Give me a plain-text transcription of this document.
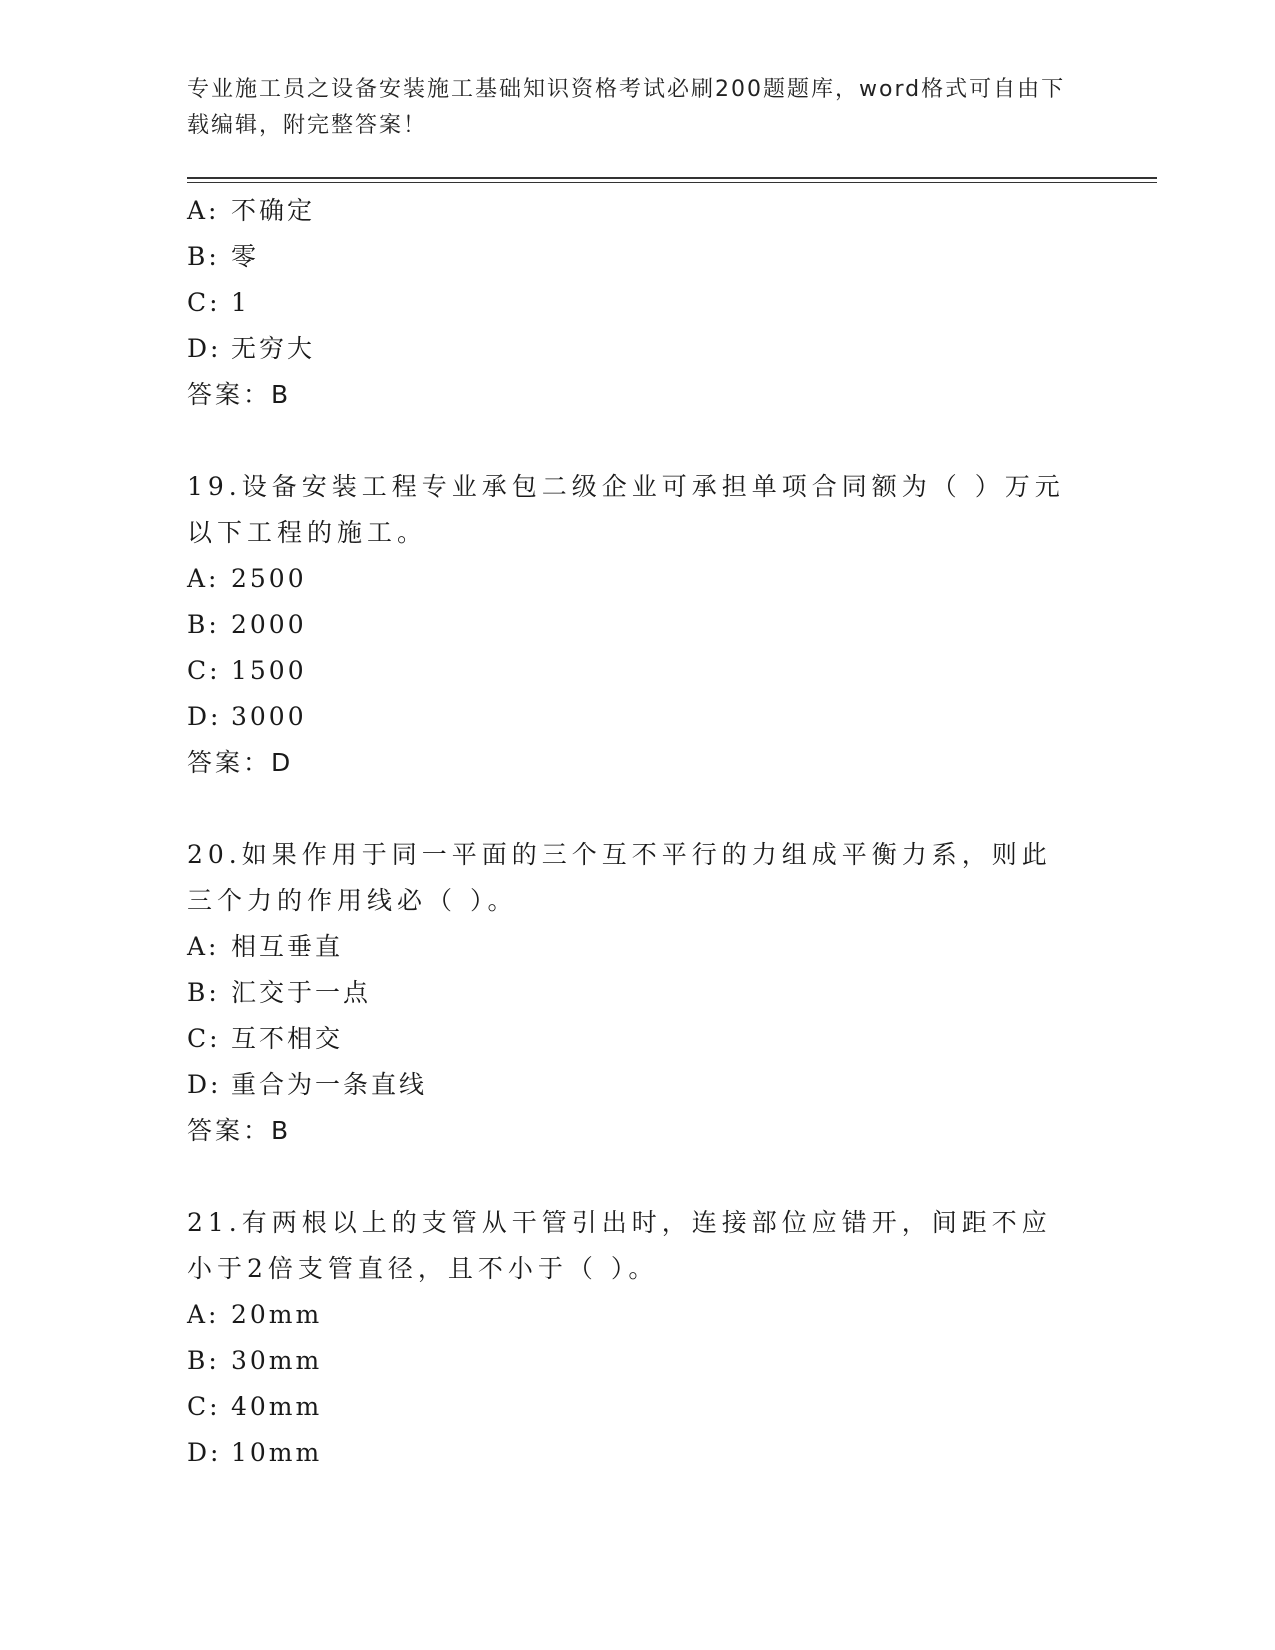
专业施工员之设备安装施工基础知识资格考试必刷200题题库，word格式可自由下载编辑，附完整答案！
A: 不确定
B: 零
C: 1
D: 无穷大
答案：B
19.设备安装工程专业承包二级企业可承担单项合同额为（ ）万元以下工程的施工。
A: 2500
B: 2000
C: 1500
D: 3000
答案：D
20.如果作用于同一平面的三个互不平行的力组成平衡力系，则此三个力的作用线必（ ）。
A: 相互垂直
B: 汇交于一点
C: 互不相交
D: 重合为一条直线
答案：B
21.有两根以上的支管从干管引出时，连接部位应错开，间距不应小于2倍支管直径，且不小于（ ）。
A: 20mm
B: 30mm
C: 40mm
D: 10mm
